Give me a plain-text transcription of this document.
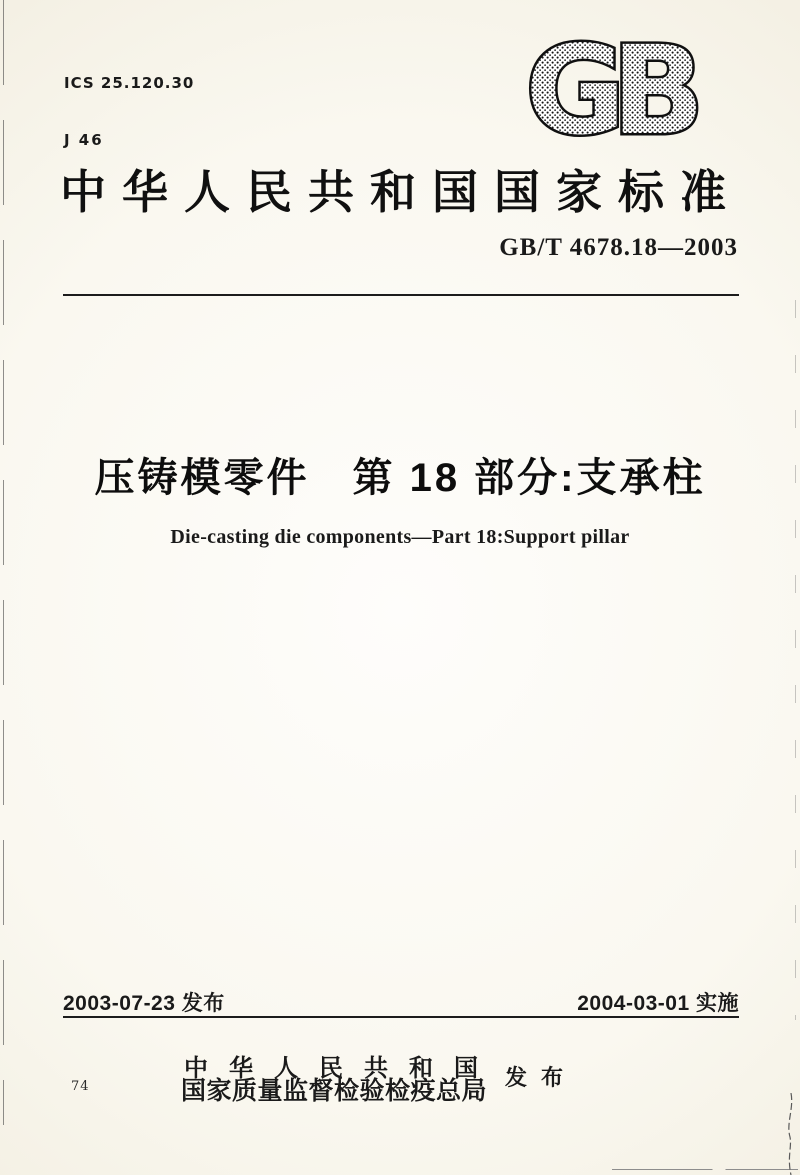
ICS 25.120.30

J 46

	GB
中华人民共和国国家标准
GB/T 4678.18—2003
压铸模零件　第 18 部分:支承柱
Die-casting die components—Part 18:Support pillar
2003-07-23 发布	2004-03-01 实施
中华人民共和国
国家质量监督检验检疫总局
发布
74
